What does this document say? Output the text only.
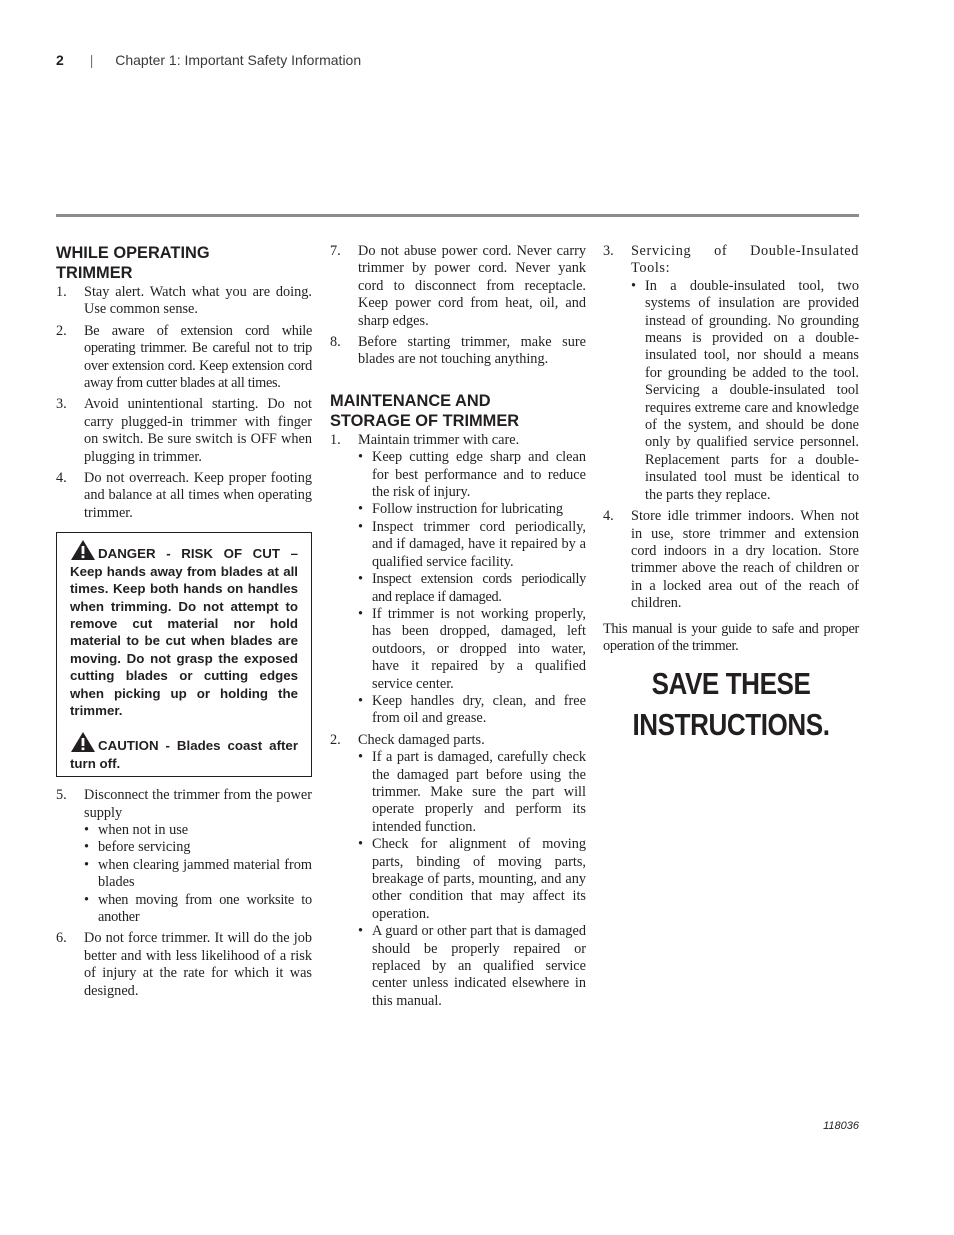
2 | Chapter 1: Important Safety Information
WHILE OPERATING
TRIMMER
1. Stay alert. Watch what you are doing. Use common sense.
2. Be aware of extension cord while operating trimmer. Be careful not to trip over extension cord. Keep extension cord away from cutter blades at all times.
3. Avoid unintentional starting. Do not carry plugged-in trimmer with finger on switch. Be sure switch is OFF when plugging in trimmer.
4. Do not overreach. Keep proper footing and balance at all times when operating trimmer.

DANGER - RISK OF CUT – Keep hands away from blades at all times. Keep both hands on handles when trimming. Do not attempt to remove cut material nor hold material to be cut when blades are moving. Do not grasp the exposed cutting blades or cutting edges when picking up or holding the trimmer.

CAUTION - Blades coast after turn off.

5. Disconnect the trimmer from the power supply
• when not in use
• before servicing
• when clearing jammed material from blades
• when moving from one worksite to another
6. Do not force trimmer. It will do the job better and with less likelihood of a risk of injury at the rate for which it was designed.
7. Do not abuse power cord. Never carry trimmer by power cord. Never yank cord to disconnect from receptacle. Keep power cord from heat, oil, and sharp edges.
8. Before starting trimmer, make sure blades are not touching anything.
MAINTENANCE AND
STORAGE OF TRIMMER
1. Maintain trimmer with care.
• Keep cutting edge sharp and clean for best performance and to reduce the risk of injury.
• Follow instruction for lubricating
• Inspect trimmer cord periodically, and if damaged, have it repaired by a qualified service facility.
• Inspect extension cords periodically and replace if damaged.
• If trimmer is not working properly, has been dropped, damaged, left outdoors, or dropped into water, have it repaired by a qualified service center.
• Keep handles dry, clean, and free from oil and grease.
2. Check damaged parts.
• If a part is damaged, carefully check the damaged part before using the trimmer. Make sure the part will operate properly and perform its intended function.
• Check for alignment of moving parts, binding of moving parts, breakage of parts, mounting, and any other condition that may affect its operation.
• A guard or other part that is damaged should be properly repaired or replaced by an qualified service center unless indicated elsewhere in this manual.
3. Servicing of Double-Insulated Tools:
• In a double-insulated tool, two systems of insulation are provided instead of grounding. No grounding means is provided on a double-insulated tool, nor should a means for grounding be added to the tool. Servicing a double-insulated tool requires extreme care and knowledge of the system, and should be done only by qualified service personnel. Replacement parts for a double-insulated tool must be identical to the parts they replace.
4. Store idle trimmer indoors. When not in use, store trimmer and extension cord indoors in a dry location. Store trimmer above the reach of children or in a locked area out of the reach of children.

This manual is your guide to safe and proper operation of the trimmer.

SAVE THESE
INSTRUCTIONS.
118036
